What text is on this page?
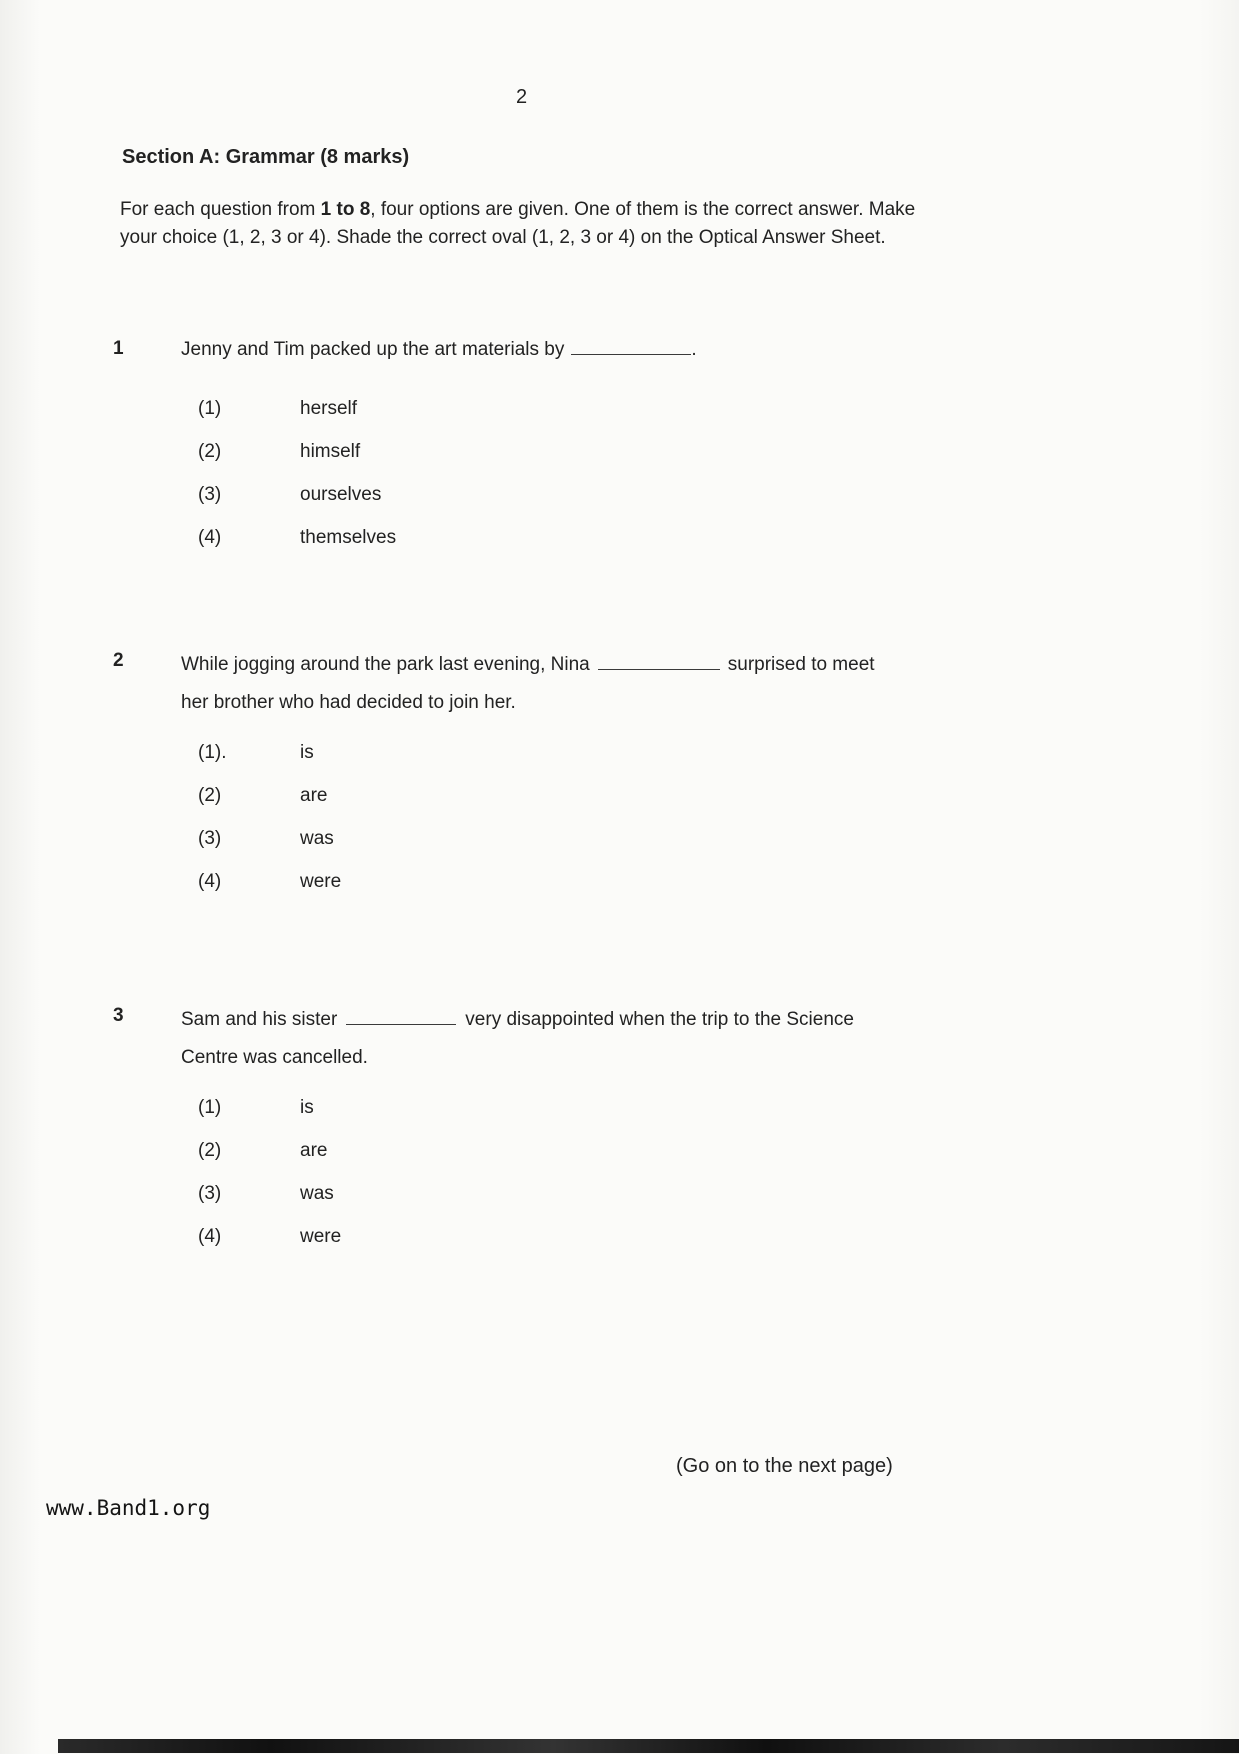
2
Section A: Grammar (8 marks)

For each question from 1 to 8, four options are given. One of them is the correct answer. Make your choice (1, 2, 3 or 4). Shade the correct oval (1, 2, 3 or 4) on the Optical Answer Sheet.

1	Jenny and Tim packed up the art materials by	.
(1)	herself
(2)	himself
(3)	ourselves
(4)	themselves
2	While jogging around the park last evening, Nina	surprised to meet her brother who had decided to join her.
(1).	is
(2)	are
(3)	was
(4)	were
3	Sam and his sister	very disappointed when the trip to the Science Centre was cancelled.
(1)	is
(2)	are
(3)	was
(4)	were
(Go on to the next page)
www.Band1.org
